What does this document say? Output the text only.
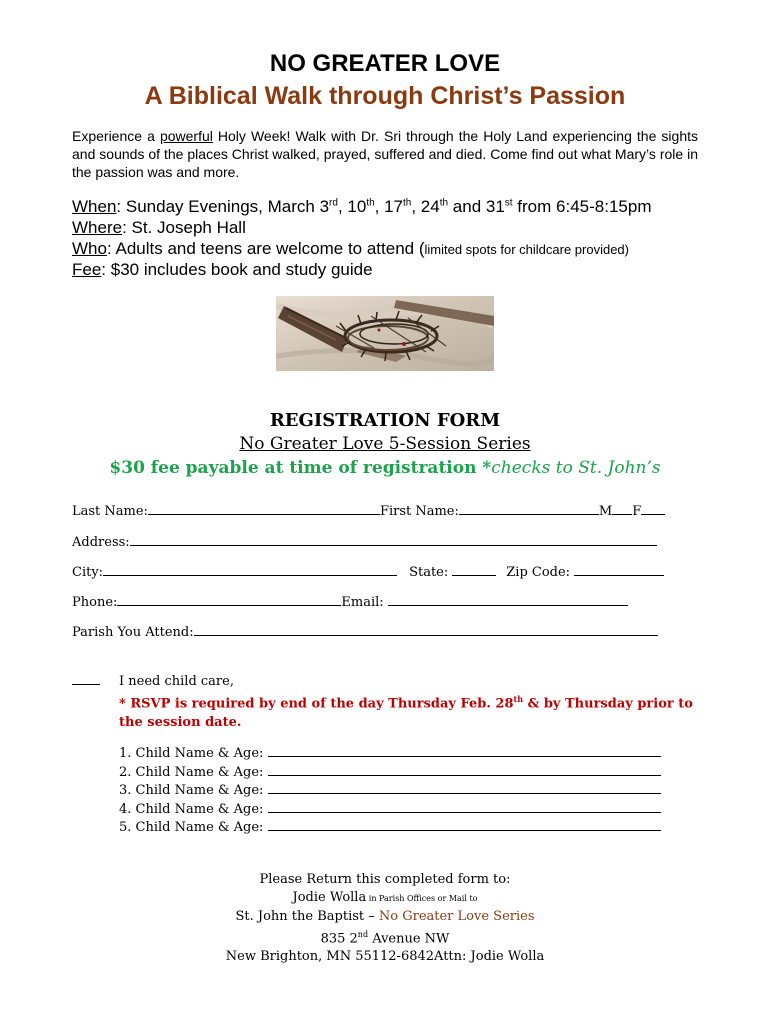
NO GREATER LOVE
A Biblical Walk through Christ’s Passion
Experience a powerful Holy Week! Walk with Dr. Sri through the Holy Land experiencing the sights and sounds of the places Christ walked, prayed, suffered and died. Come find out what Mary’s role in the passion was and more.
When: Sunday Evenings, March 3rd, 10th, 17th, 24th and 31st from 6:45-8:15pm
Where: St. Joseph Hall
Who: Adults and teens are welcome to attend (limited spots for childcare provided)
Fee: $30 includes book and study guide
REGISTRATION FORM
No Greater Love 5-Session Series
$30 fee payable at time of registration *checks to St. John’s
Last Name:	First Name:	M F
Address:
City:	State:	Zip Code:
Phone:	Email:
Parish You Attend:
I need child care,
* RSVP is required by end of the day Thursday Feb. 28th & by Thursday prior to the session date.
1. Child Name & Age:
2. Child Name & Age:
3. Child Name & Age:
4. Child Name & Age:
5. Child Name & Age:
Please Return this completed form to:
Jodie Wolla in Parish Offices or Mail to
St. John the Baptist – No Greater Love Series
835 2nd Avenue NW
New Brighton, MN 55112-6842Attn: Jodie Wolla
